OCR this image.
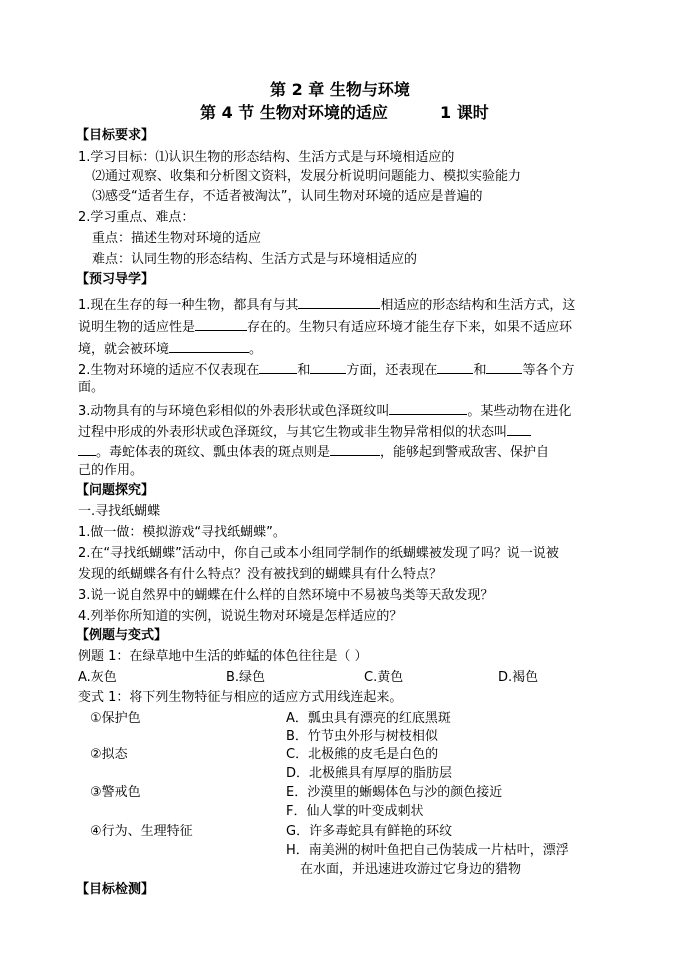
第 2 章 生物与环境
第 4 节 生物对环境的适应	1 课时
【目标要求】
1.学习目标：⑴认识生物的形态结构、生活方式是与环境相适应的
⑵通过观察、收集和分析图文资料，发展分析说明问题能力、模拟实验能力
⑶感受“适者生存，不适者被淘汰”，认同生物对环境的适应是普遍的
2.学习重点、难点：
重点：描述生物对环境的适应
难点：认同生物的形态结构、生活方式是与环境相适应的
【预习导学】
1.现在生存的每一种生物，都具有与其	相适应的形态结构和生活方式，这
说明生物的适应性是	存在的。生物只有适应环境才能生存下来，如果不适应环
境，就会被环境	。
2.生物对环境的适应不仅表现在	和	方面，还表现在	和	等各个方
面。
3.动物具有的与环境色彩相似的外表形状或色泽斑纹叫	。某些动物在进化
过程中形成的外表形状或色泽斑纹，与其它生物或非生物异常相似的状态叫
。毒蛇体表的斑纹、瓢虫体表的斑点则是	，能够起到警戒敌害、保护自
己的作用。
【问题探究】
一.寻找纸蝴蝶
1.做一做：模拟游戏“寻找纸蝴蝶”。
2.在“寻找纸蝴蝶”活动中，你自己或本小组同学制作的纸蝴蝶被发现了吗？说一说被
发现的纸蝴蝶各有什么特点？没有被找到的蝴蝶具有什么特点？
3.说一说自然界中的蝴蝶在什么样的自然环境中不易被鸟类等天敌发现？
4.列举你所知道的实例，说说生物对环境是怎样适应的？
【例题与变式】
例题 1：在绿草地中生活的蚱蜢的体色往往是（ ）
A.灰色	B.绿色	C.黄色	D.褐色
变式 1：将下列生物特征与相应的适应方式用线连起来。
①保护色
②拟态
③警戒色
④行为、生理特征
A．瓢虫具有漂亮的红底黑斑
B．竹节虫外形与树枝相似
C．北极熊的皮毛是白色的
D．北极熊具有厚厚的脂肪层
E．沙漠里的蜥蜴体色与沙的颜色接近
F．仙人掌的叶变成刺状
G．许多毒蛇具有鲜艳的环纹
H．南美洲的树叶鱼把自己伪装成一片枯叶，漂浮
在水面，并迅速进攻游过它身边的猎物
【目标检测】
